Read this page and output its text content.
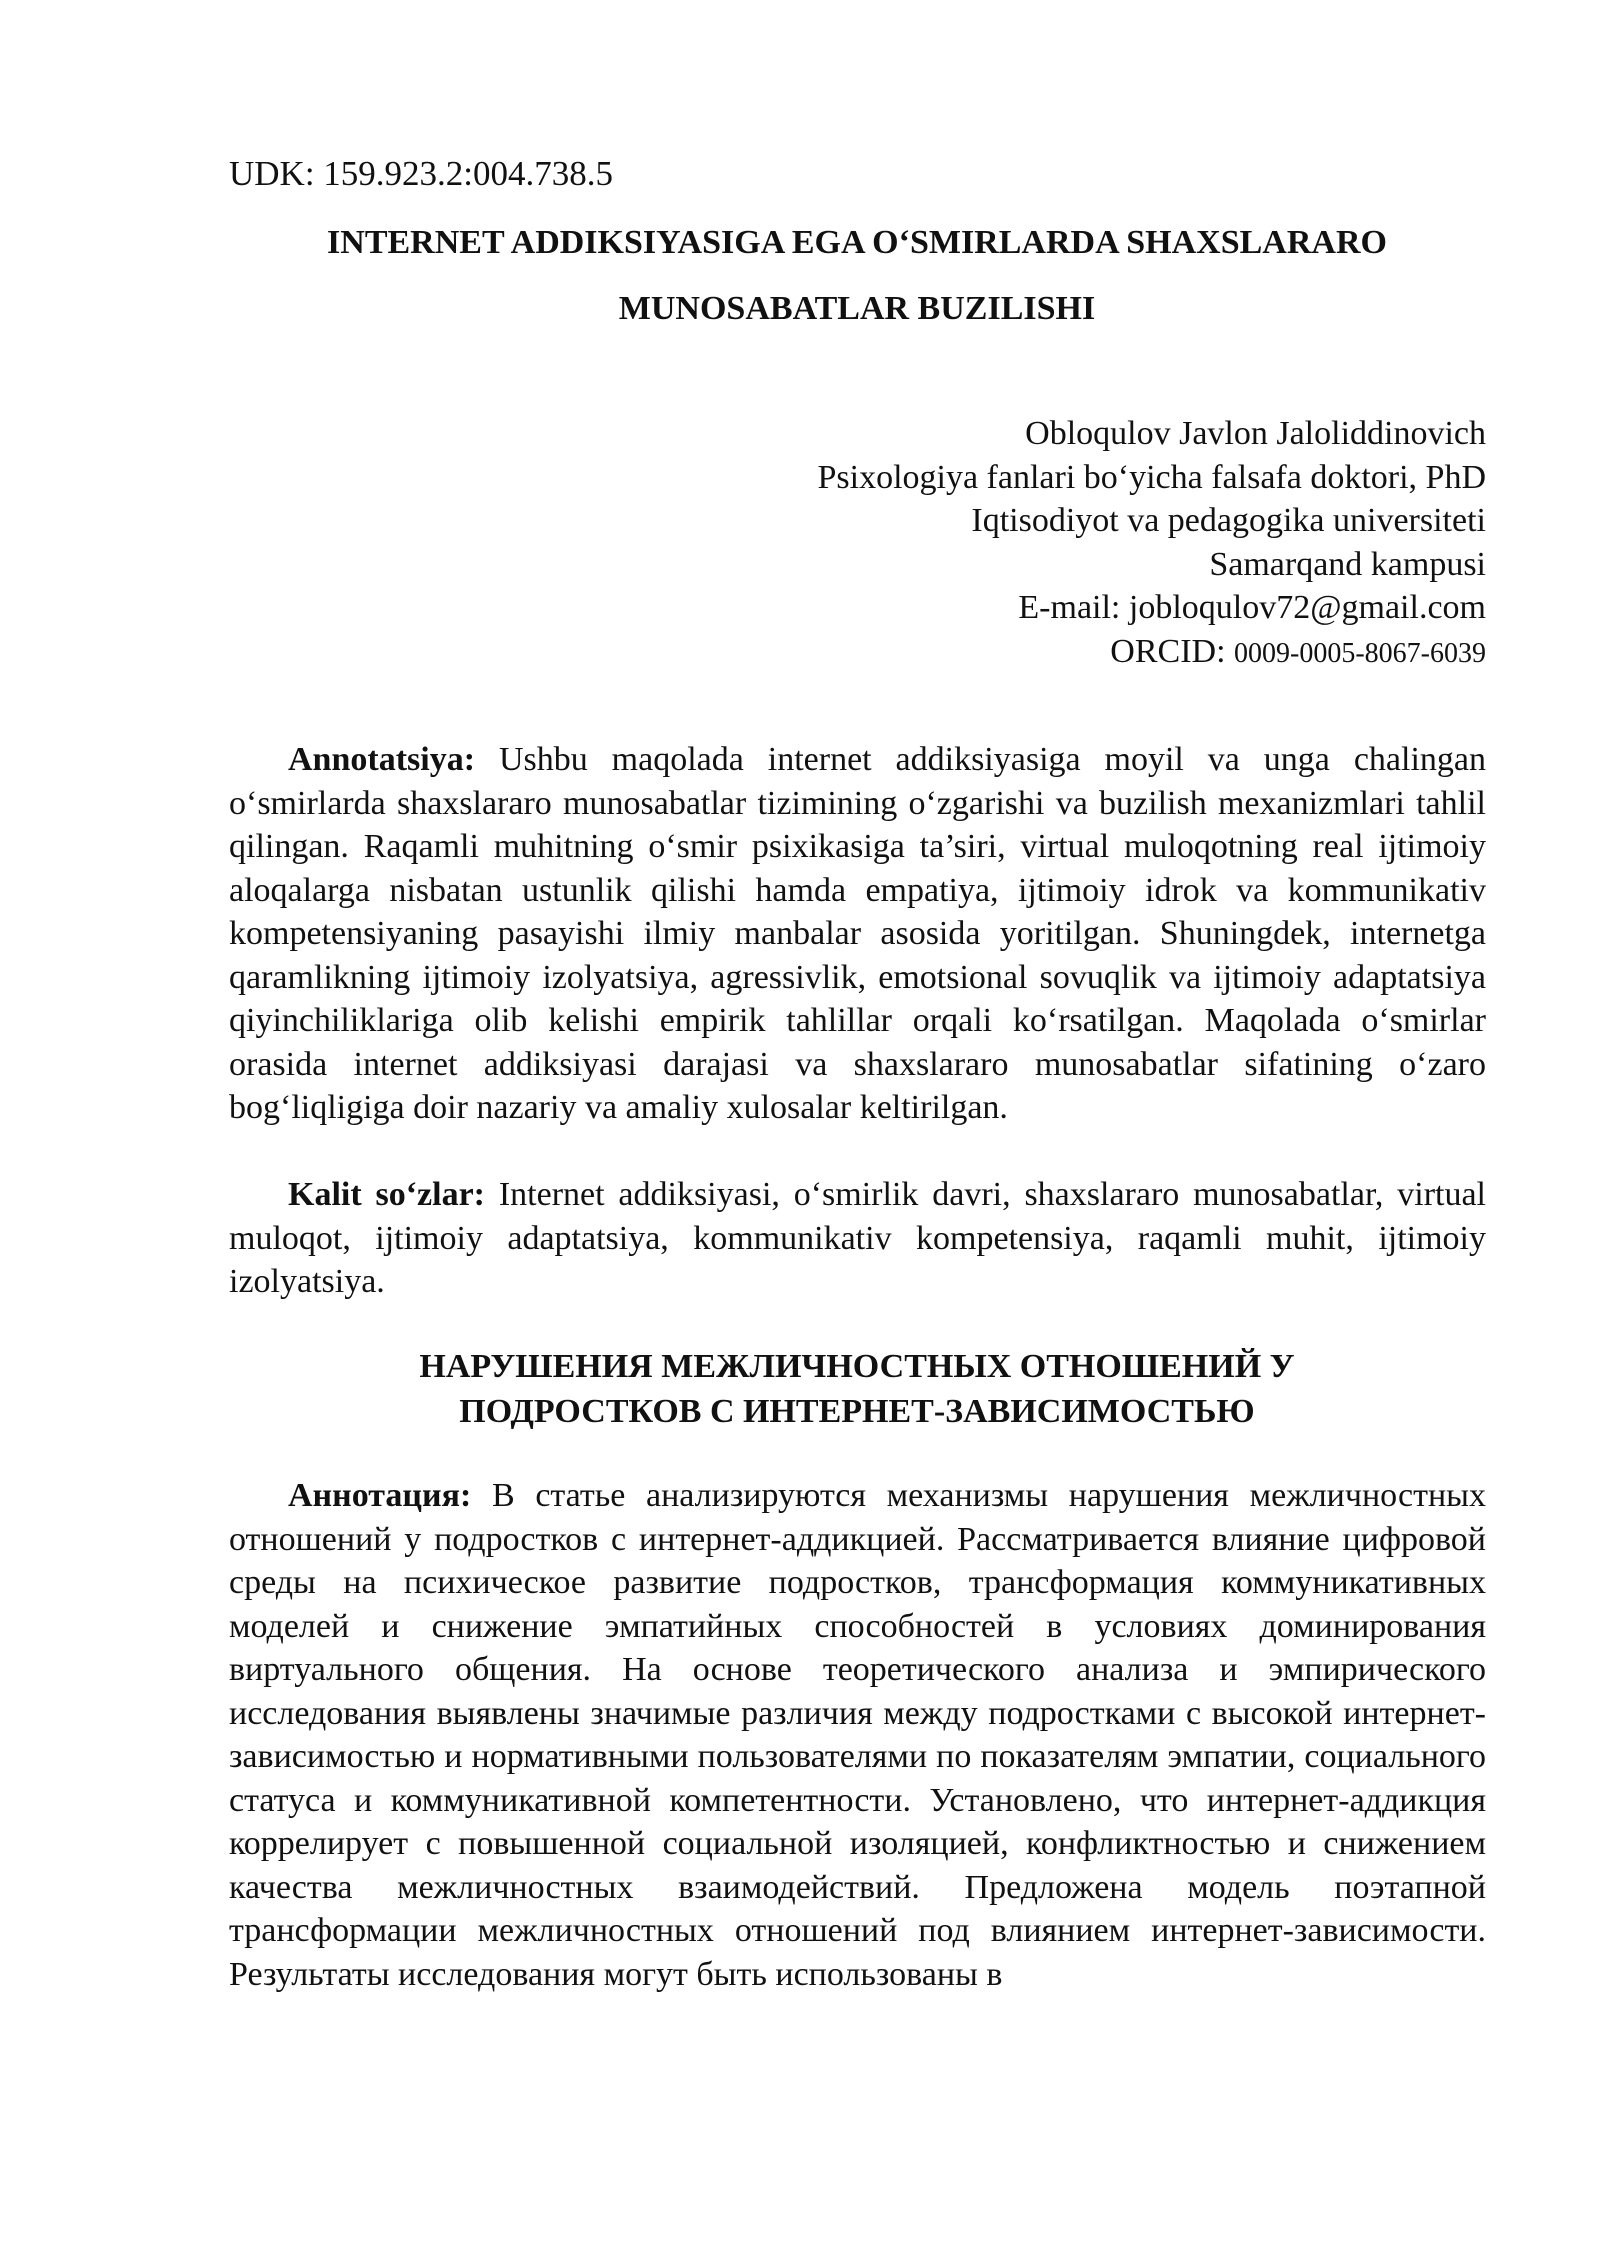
UDK: 159.923.2:004.738.5
INTERNET ADDIKSIYASIGA EGA O‘SMIRLARDA SHAXSLARARO
MUNOSABATLAR BUZILISHI
Obloqulov Javlon Jaloliddinovich
Psixologiya fanlari bo‘yicha falsafa doktori, PhD
Iqtisodiyot va pedagogika universiteti
Samarqand kampusi
E-mail: jobloqulov72@gmail.com
ORCID: 0009-0005-8067-6039
Annotatsiya: Ushbu maqolada internet addiksiyasiga moyil va unga chalingan o‘smirlarda shaxslararo munosabatlar tizimining o‘zgarishi va buzilish mexanizmlari tahlil qilingan. Raqamli muhitning o‘smir psixikasiga ta’siri, virtual muloqotning real ijtimoiy aloqalarga nisbatan ustunlik qilishi hamda empatiya, ijtimoiy idrok va kommunikativ kompetensiyaning pasayishi ilmiy manbalar asosida yoritilgan. Shuningdek, internetga qaramlikning ijtimoiy izolyatsiya, agressivlik, emotsional sovuqlik va ijtimoiy adaptatsiya qiyinchiliklariga olib kelishi empirik tahlillar orqali ko‘rsatilgan. Maqolada o‘smirlar orasida internet addiksiyasi darajasi va shaxslararo munosabatlar sifatining o‘zaro bog‘liqligiga doir nazariy va amaliy xulosalar keltirilgan.
Kalit so‘zlar: Internet addiksiyasi, o‘smirlik davri, shaxslararo munosabatlar, virtual muloqot, ijtimoiy adaptatsiya, kommunikativ kompetensiya, raqamli muhit, ijtimoiy izolyatsiya.
НАРУШЕНИЯ МЕЖЛИЧНОСТНЫХ ОТНОШЕНИЙ У
ПОДРОСТКОВ С ИНТЕРНЕТ-ЗАВИСИМОСТЬЮ
Аннотация: В статье анализируются механизмы нарушения межличностных отношений у подростков с интернет-аддикцией. Рассматривается влияние цифровой среды на психическое развитие подростков, трансформация коммуникативных моделей и снижение эмпатийных способностей в условиях доминирования виртуального общения. На основе теоретического анализа и эмпирического исследования выявлены значимые различия между подростками с высокой интернет-зависимостью и нормативными пользователями по показателям эмпатии, социального статуса и коммуникативной компетентности. Установлено, что интернет-аддикция коррелирует с повышенной социальной изоляцией, конфликтностью и снижением качества межличностных взаимодействий. Предложена модель поэтапной трансформации межличностных отношений под влиянием интернет-зависимости. Результаты исследования могут быть использованы в
